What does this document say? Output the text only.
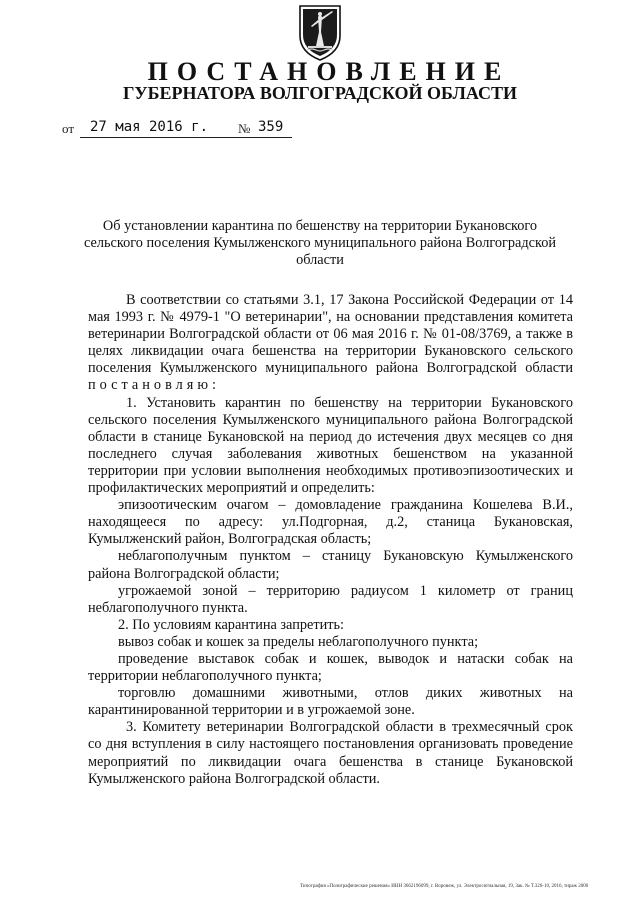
ПОСТАНОВЛЕНИЕ
ГУБЕРНАТОРА ВОЛГОГРАДСКОЙ ОБЛАСТИ
от 27 мая 2016 г. № 359
Об установлении карантина по бешенству на территории Букановского сельского поселения Кумылженского муниципального района Волгоградской области

В соответствии со статьями 3.1, 17 Закона Российской Федерации от 14 мая 1993 г. № 4979-1 "О ветеринарии", на основании представления комитета ветеринарии Волгоградской области от 06 мая 2016 г. № 01-08/3769, а также в целях ликвидации очага бешенства на территории Букановского сельского поселения Кумылженского муниципального района Волгоградской области постановляю:

1. Установить карантин по бешенству на территории Букановского сельского поселения Кумылженского муниципального района Волгоградской области в станице Букановской на период до истечения двух месяцев со дня последнего случая заболевания животных бешенством на указанной территории при условии выполнения необходимых противоэпизоотических и профилактических мероприятий и определить:

эпизоотическим очагом – домовладение гражданина Кошелева В.И., находящееся по адресу: ул.Подгорная, д.2, станица Букановская, Кумылженский район, Волгоградская область;

неблагополучным пунктом – станицу Букановскую Кумылженского района Волгоградской области;

угрожаемой зоной – территорию радиусом 1 километр от границ неблагополучного пункта.

2. По условиям карантина запретить:

вывоз собак и кошек за пределы неблагополучного пункта;

проведение выставок собак и кошек, выводок и натаски собак на территории неблагополучного пункта;

торговлю домашними животными, отлов диких животных на карантинированной территории и в угрожаемой зоне.

3. Комитету ветеринарии Волгоградской области в трехмесячный срок со дня вступления в силу настоящего постановления организовать проведение мероприятий по ликвидации очага бешенства в станице Букановской Кумылженского района Волгоградской области.

Типография «Полиграфические решения» ИНН 3662196099, г. Воронеж, ул. Электросигнальная, 19, Зак. № Т.326-10, 2016, тираж 2000
